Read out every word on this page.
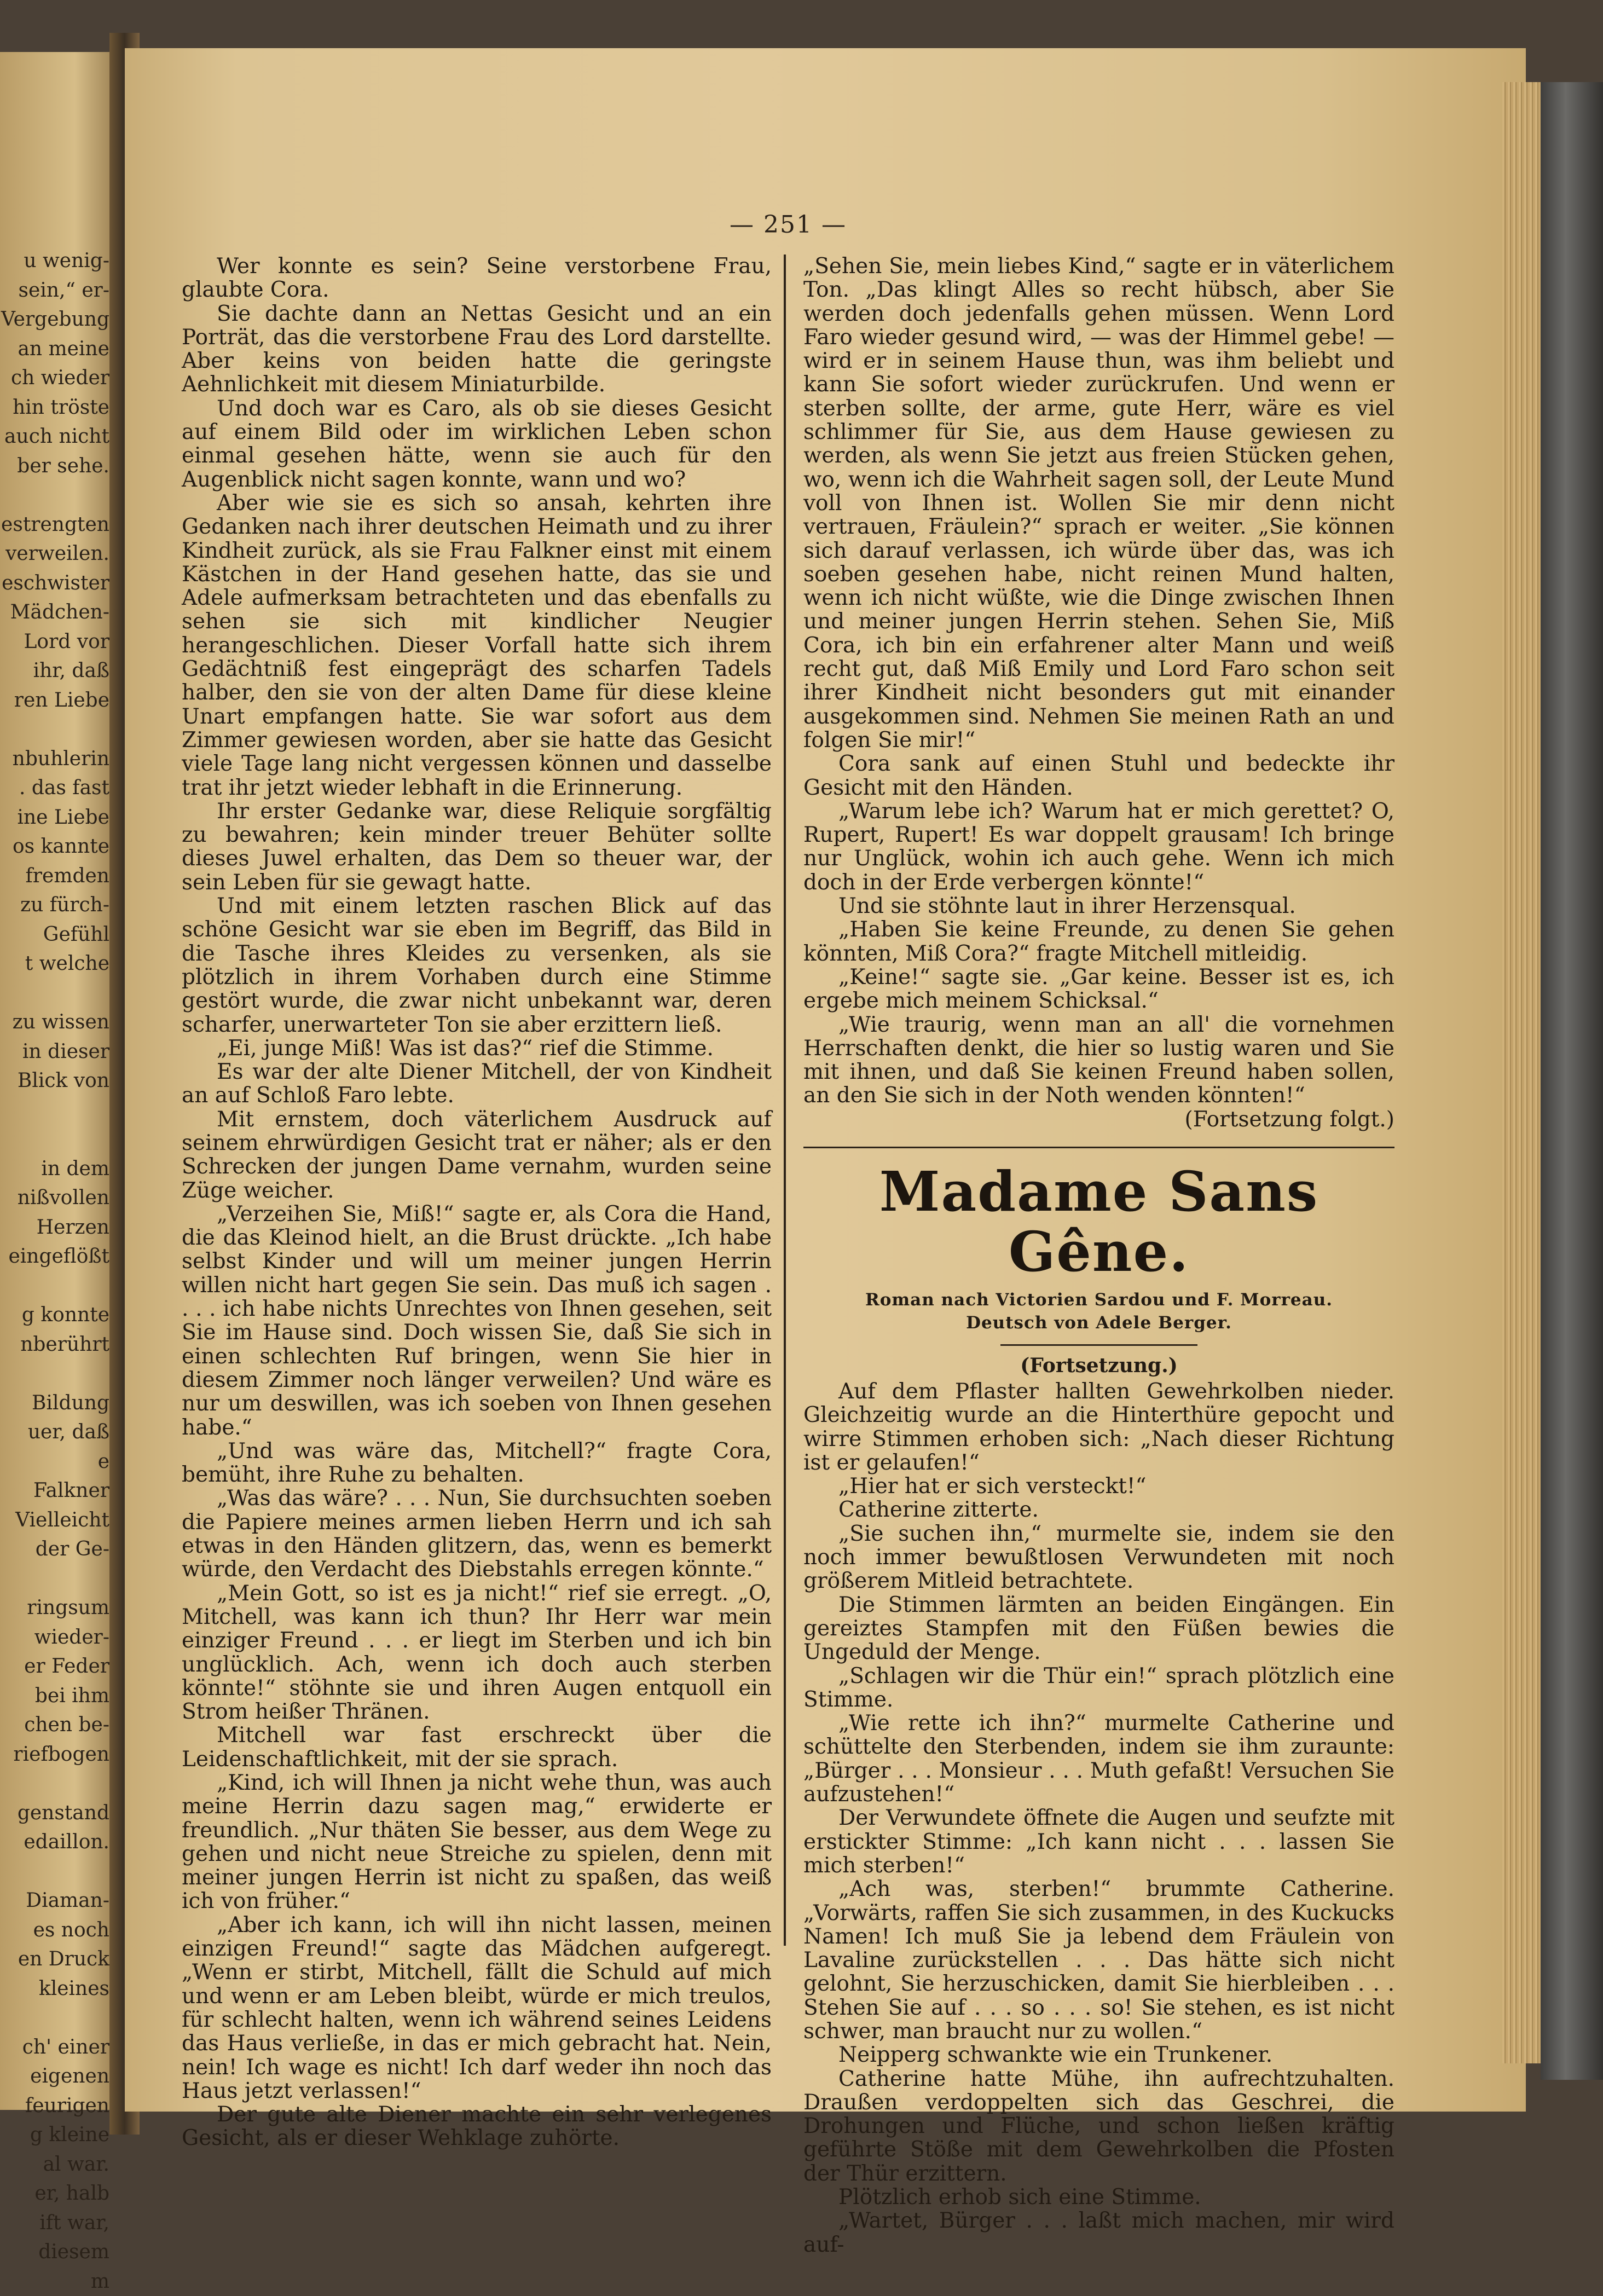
u wenig-
sein,“ er-
Vergebung
an meine
ch wieder
hin tröste
auch nicht
ber sehe.
estrengten
verweilen.
eschwister
Mädchen-
Lord vor
ihr, daß
ren Liebe
nbuhlerin
. das fast
ine Liebe
os kannte
fremden
zu fürch-
Gefühl
t welche
zu wissen
in dieser
Blick von
in dem
nißvollen
Herzen
eingeflößt
g konnte
nberührt
Bildung
uer, daß
e
Falkner
Vielleicht
der Ge-
ringsum
wieder-
er Feder
bei ihm
chen be-
riefbogen
genstand
edaillon.
Diaman-
es noch
en Druck
kleines
ch' einer
eigenen
feurigen
g kleine
al war.
er, halb
ift war,
diesem
m
— 251 —

Wer konnte es sein? Seine verstorbene Frau, glaubte Cora.

Sie dachte dann an Nettas Gesicht und an ein Porträt, das die verstorbene Frau des Lord darstellte. Aber keins von beiden hatte die geringste Aehnlichkeit mit diesem Miniaturbilde.

Und doch war es Caro, als ob sie dieses Gesicht auf einem Bild oder im wirklichen Leben schon einmal gesehen hätte, wenn sie auch für den Augenblick nicht sagen konnte, wann und wo?

Aber wie sie es sich so ansah, kehrten ihre Gedanken nach ihrer deutschen Heimath und zu ihrer Kindheit zurück, als sie Frau Falkner einst mit einem Kästchen in der Hand gesehen hatte, das sie und Adele aufmerksam betrachteten und das ebenfalls zu sehen sie sich mit kindlicher Neugier herangeschlichen. Dieser Vorfall hatte sich ihrem Gedächtniß fest eingeprägt des scharfen Tadels halber, den sie von der alten Dame für diese kleine Unart empfangen hatte. Sie war sofort aus dem Zimmer gewiesen worden, aber sie hatte das Gesicht viele Tage lang nicht vergessen können und dasselbe trat ihr jetzt wieder lebhaft in die Erinnerung.

Ihr erster Gedanke war, diese Reliquie sorgfältig zu bewahren; kein minder treuer Behüter sollte dieses Juwel erhalten, das Dem so theuer war, der sein Leben für sie gewagt hatte.

Und mit einem letzten raschen Blick auf das schöne Gesicht war sie eben im Begriff, das Bild in die Tasche ihres Kleides zu versenken, als sie plötzlich in ihrem Vorhaben durch eine Stimme gestört wurde, die zwar nicht unbekannt war, deren scharfer, unerwarteter Ton sie aber erzittern ließ.

„Ei, junge Miß! Was ist das?“ rief die Stimme.

Es war der alte Diener Mitchell, der von Kindheit an auf Schloß Faro lebte.

Mit ernstem, doch väterlichem Ausdruck auf seinem ehrwürdigen Gesicht trat er näher; als er den Schrecken der jungen Dame vernahm, wurden seine Züge weicher.

„Verzeihen Sie, Miß!“ sagte er, als Cora die Hand, die das Kleinod hielt, an die Brust drückte. „Ich habe selbst Kinder und will um meiner jungen Herrin willen nicht hart gegen Sie sein. Das muß ich sagen . . . . ich habe nichts Unrechtes von Ihnen gesehen, seit Sie im Hause sind. Doch wissen Sie, daß Sie sich in einen schlechten Ruf bringen, wenn Sie hier in diesem Zimmer noch länger verweilen? Und wäre es nur um deswillen, was ich soeben von Ihnen gesehen habe.“

„Und was wäre das, Mitchell?“ fragte Cora, bemüht, ihre Ruhe zu behalten.

„Was das wäre? . . . Nun, Sie durchsuchten soeben die Papiere meines armen lieben Herrn und ich sah etwas in den Händen glitzern, das, wenn es bemerkt würde, den Verdacht des Diebstahls erregen könnte.“

„Mein Gott, so ist es ja nicht!“ rief sie erregt. „O, Mitchell, was kann ich thun? Ihr Herr war mein einziger Freund . . . er liegt im Sterben und ich bin unglücklich. Ach, wenn ich doch auch sterben könnte!“ stöhnte sie und ihren Augen entquoll ein Strom heißer Thränen.

Mitchell war fast erschreckt über die Leidenschaftlichkeit, mit der sie sprach.

„Kind, ich will Ihnen ja nicht wehe thun, was auch meine Herrin dazu sagen mag,“ erwiderte er freundlich. „Nur thäten Sie besser, aus dem Wege zu gehen und nicht neue Streiche zu spielen, denn mit meiner jungen Herrin ist nicht zu spaßen, das weiß ich von früher.“

„Aber ich kann, ich will ihn nicht lassen, meinen einzigen Freund!“ sagte das Mädchen aufgeregt. „Wenn er stirbt, Mitchell, fällt die Schuld auf mich und wenn er am Leben bleibt, würde er mich treulos, für schlecht halten, wenn ich während seines Leidens das Haus verließe, in das er mich gebracht hat. Nein, nein! Ich wage es nicht! Ich darf weder ihn noch das Haus jetzt verlassen!“

Der gute alte Diener machte ein sehr verlegenes Gesicht, als er dieser Wehklage zuhörte.

„Sehen Sie, mein liebes Kind,“ sagte er in väterlichem Ton. „Das klingt Alles so recht hübsch, aber Sie werden doch jedenfalls gehen müssen. Wenn Lord Faro wieder gesund wird, — was der Himmel gebe! — wird er in seinem Hause thun, was ihm beliebt und kann Sie sofort wieder zurückrufen. Und wenn er sterben sollte, der arme, gute Herr, wäre es viel schlimmer für Sie, aus dem Hause gewiesen zu werden, als wenn Sie jetzt aus freien Stücken gehen, wo, wenn ich die Wahrheit sagen soll, der Leute Mund voll von Ihnen ist. Wollen Sie mir denn nicht vertrauen, Fräulein?“ sprach er weiter. „Sie können sich darauf verlassen, ich würde über das, was ich soeben gesehen habe, nicht reinen Mund halten, wenn ich nicht wüßte, wie die Dinge zwischen Ihnen und meiner jungen Herrin stehen. Sehen Sie, Miß Cora, ich bin ein erfahrener alter Mann und weiß recht gut, daß Miß Emily und Lord Faro schon seit ihrer Kindheit nicht besonders gut mit einander ausgekommen sind. Nehmen Sie meinen Rath an und folgen Sie mir!“

Cora sank auf einen Stuhl und bedeckte ihr Gesicht mit den Händen.

„Warum lebe ich? Warum hat er mich gerettet? O, Rupert, Rupert! Es war doppelt grausam! Ich bringe nur Unglück, wohin ich auch gehe. Wenn ich mich doch in der Erde verbergen könnte!“

Und sie stöhnte laut in ihrer Herzensqual.

„Haben Sie keine Freunde, zu denen Sie gehen könnten, Miß Cora?“ fragte Mitchell mitleidig.

„Keine!“ sagte sie. „Gar keine. Besser ist es, ich ergebe mich meinem Schicksal.“

„Wie traurig, wenn man an all' die vornehmen Herrschaften denkt, die hier so lustig waren und Sie mit ihnen, und daß Sie keinen Freund haben sollen, an den Sie sich in der Noth wenden könnten!“

(Fortsetzung folgt.)
Madame Sans Gêne.
Roman nach Victorien Sardou und F. Morreau.
Deutsch von Adele Berger.
(Fortsetzung.)

Auf dem Pflaster hallten Gewehrkolben nieder. Gleichzeitig wurde an die Hinterthüre gepocht und wirre Stimmen erhoben sich: „Nach dieser Richtung ist er gelaufen!“

„Hier hat er sich versteckt!“

Catherine zitterte.

„Sie suchen ihn,“ murmelte sie, indem sie den noch immer bewußtlosen Verwundeten mit noch größerem Mitleid betrachtete.

Die Stimmen lärmten an beiden Eingängen. Ein gereiztes Stampfen mit den Füßen bewies die Ungeduld der Menge.

„Schlagen wir die Thür ein!“ sprach plötzlich eine Stimme.

„Wie rette ich ihn?“ murmelte Catherine und schüttelte den Sterbenden, indem sie ihm zuraunte: „Bürger . . . Monsieur . . . Muth gefaßt! Versuchen Sie aufzustehen!“

Der Verwundete öffnete die Augen und seufzte mit erstickter Stimme: „Ich kann nicht . . . lassen Sie mich sterben!“

„Ach was, sterben!“ brummte Catherine. „Vorwärts, raffen Sie sich zusammen, in des Kuckucks Namen! Ich muß Sie ja lebend dem Fräulein von Lavaline zurückstellen . . . Das hätte sich nicht gelohnt, Sie herzuschicken, damit Sie hierbleiben . . . Stehen Sie auf . . . so . . . so! Sie stehen, es ist nicht schwer, man braucht nur zu wollen.“

Neipperg schwankte wie ein Trunkener.

Catherine hatte Mühe, ihn aufrechtzuhalten. Draußen verdoppelten sich das Geschrei, die Drohungen und Flüche, und schon ließen kräftig geführte Stöße mit dem Gewehrkolben die Pfosten der Thür erzittern.

Plötzlich erhob sich eine Stimme.

„Wartet, Bürger . . . laßt mich machen, mir wird auf-
